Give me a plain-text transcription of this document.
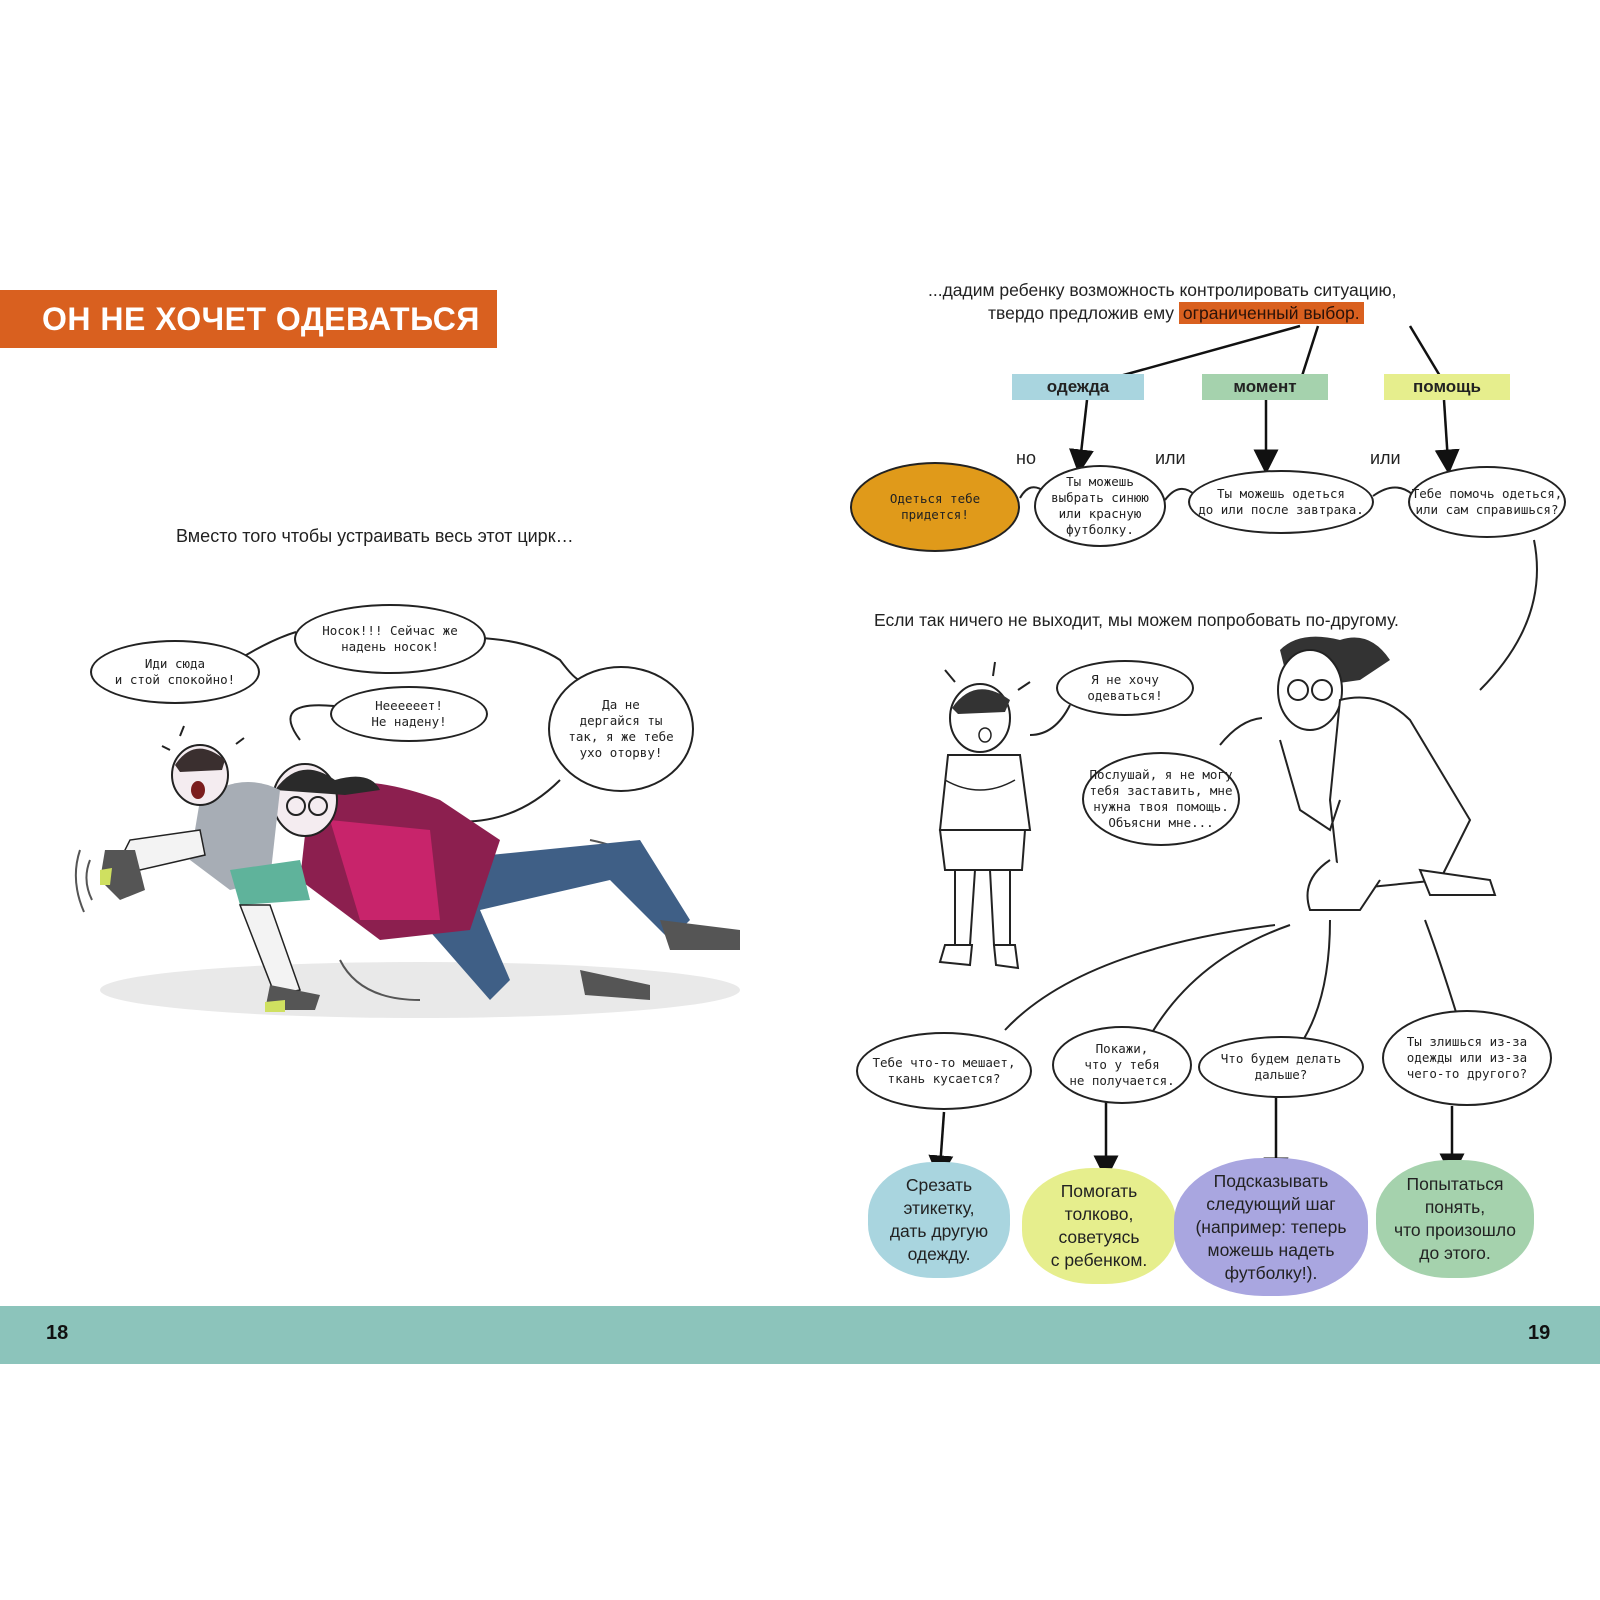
ОН НЕ ХОЧЕТ ОДЕВАТЬСЯ
Вместо того чтобы устраивать весь этот цирк…
Иди сюда
и стой спокойно!
Носок!!! Сейчас же
надень носок!
Неееееет!
Не надену!
Да не
дергайся ты
так, я же тебе
ухо оторву!
...дадим ребенку возможность контролировать ситуацию,
твердо предложив ему ограниченный выбор.
одежда	момент	помощь
но	или	или
Одеться тебе
придется!
Ты можешь
выбрать синюю
или красную
футболку.
Ты можешь одеться
до или после завтрака.
Тебе помочь одеться,
или сам справишься?
Если так ничего не выходит, мы можем попробовать по-другому.
Я не хочу
одеваться!
Послушай, я не могу
тебя заставить, мне
нужна твоя помощь.
Объясни мне...
Тебе что-то мешает,
ткань кусается?
Покажи,
что у тебя
не получается.
Что будем делать
дальше?
Ты злишься из-за
одежды или из-за
чего-то другого?
Срезать
этикетку,
дать другую
одежду.
Помогать
толково,
советуясь
с ребенком.
Подсказывать
следующий шаг
(например: теперь
можешь надеть
футболку!).
Попытаться
понять,
что произошло
до этого.
18	19
